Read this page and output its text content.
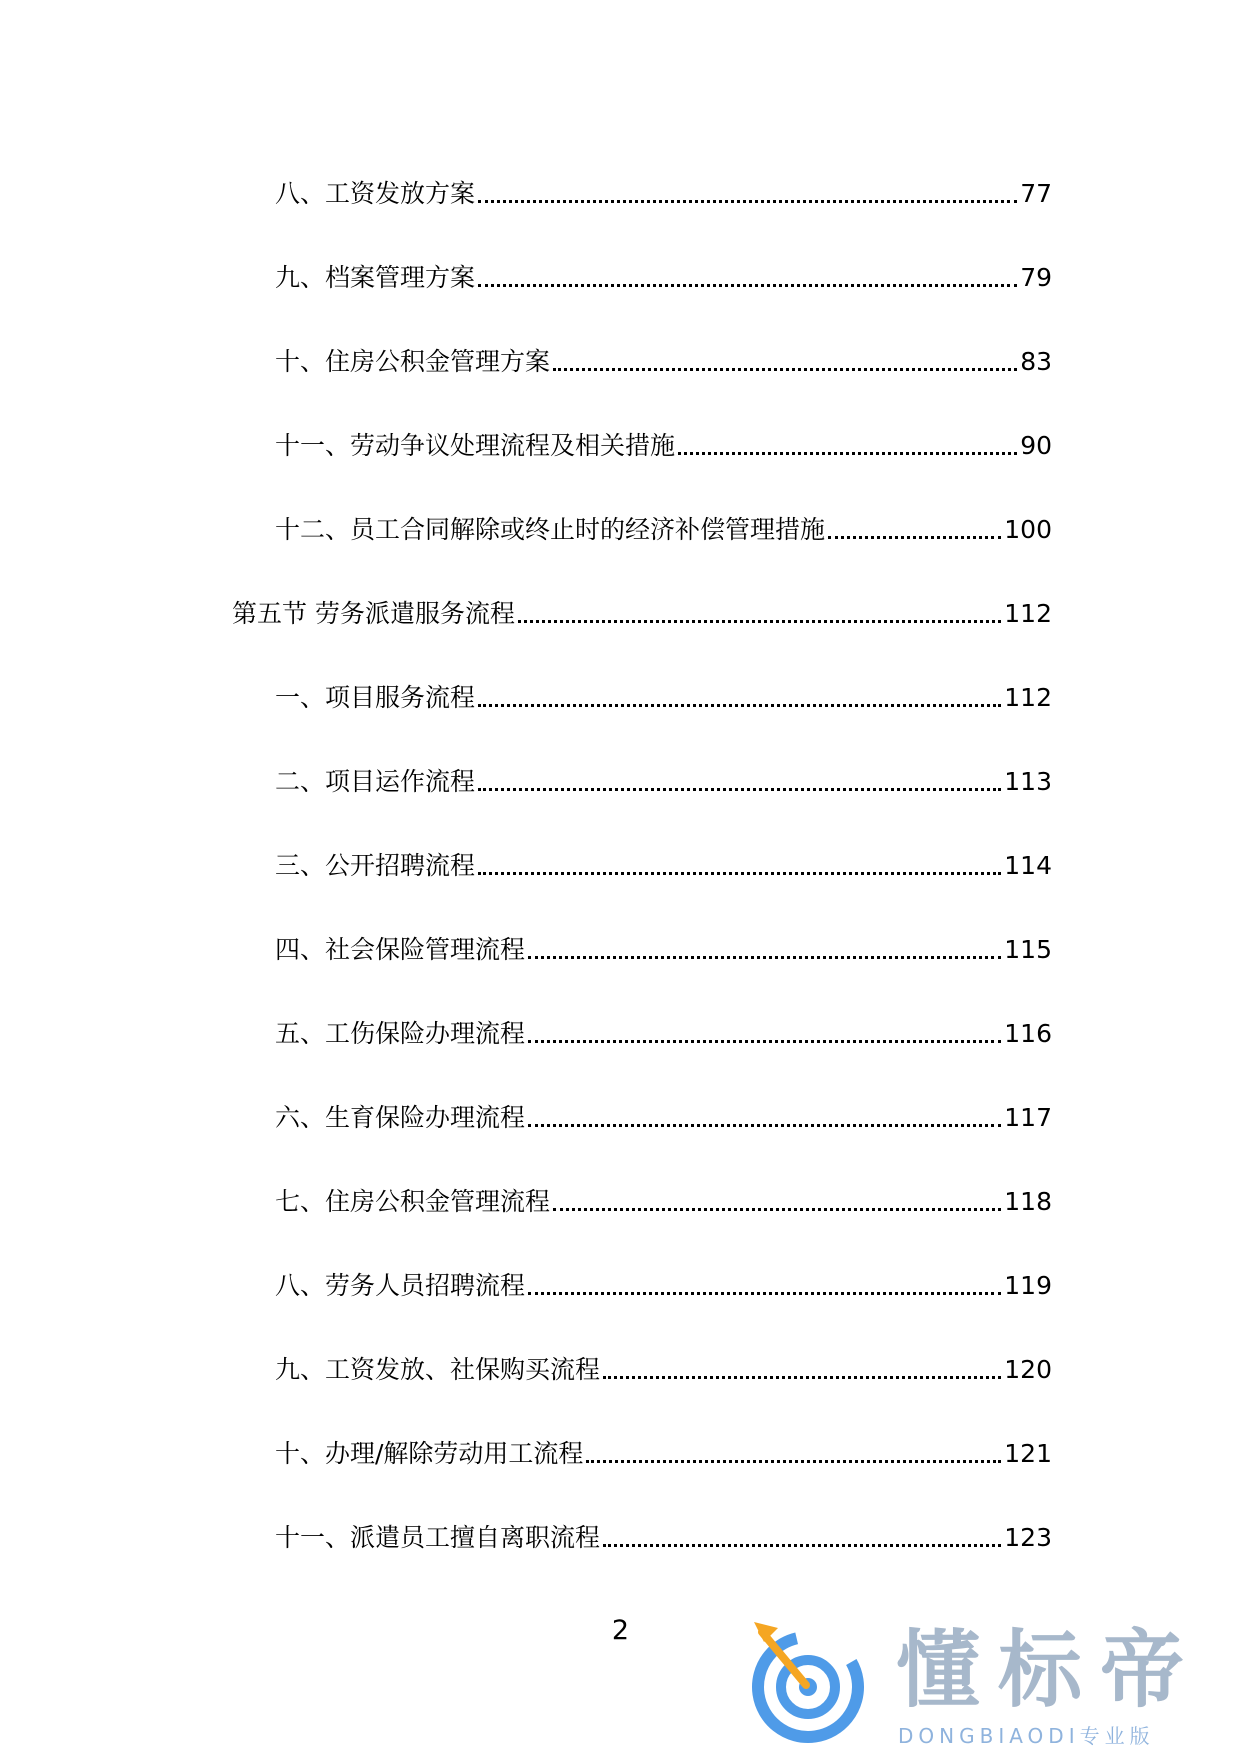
八、工资发放方案	77
九、档案管理方案	79
十、住房公积金管理方案	83
十一、劳动争议处理流程及相关措施	90
十二、员工合同解除或终止时的经济补偿管理措施	100
第五节 劳务派遣服务流程	112
一、项目服务流程	112
二、项目运作流程	113
三、公开招聘流程	114
四、社会保险管理流程	115
五、工伤保险办理流程	116
六、生育保险办理流程	117
七、住房公积金管理流程	118
八、劳务人员招聘流程	119
九、工资发放、社保购买流程	120
十、办理/解除劳动用工流程	121
十一、派遣员工擅自离职流程	123
2	懂标帝
DONGBIAODI专业版
